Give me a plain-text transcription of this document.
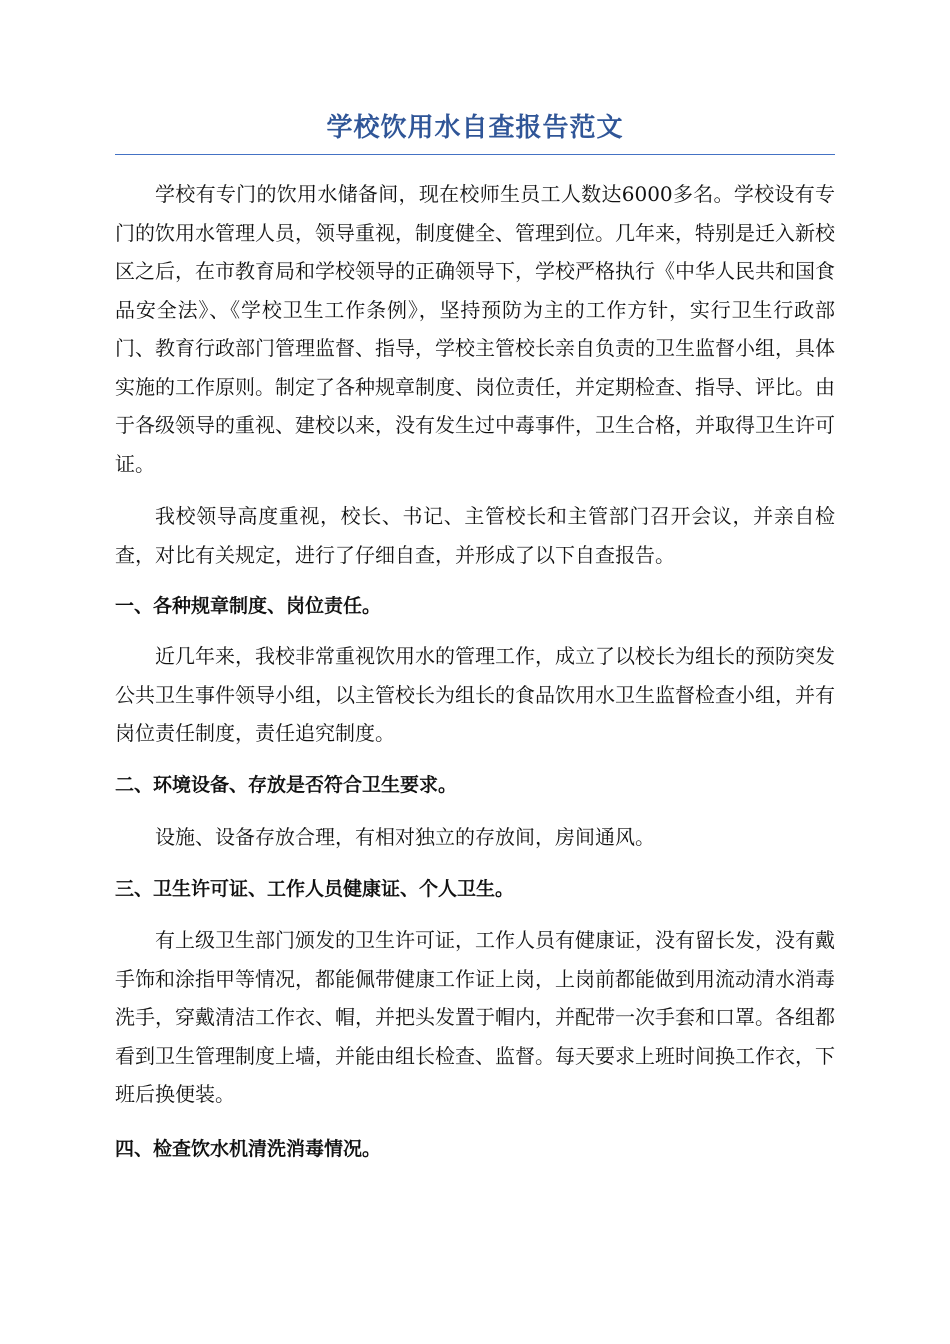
学校饮用水自查报告范文

学校有专门的饮用水储备间，现在校师生员工人数达6000多名。学校设有专门的饮用水管理人员，领导重视，制度健全、管理到位。几年来，特别是迁入新校区之后，在市教育局和学校领导的正确领导下，学校严格执行《中华人民共和国食品安全法》、《学校卫生工作条例》，坚持预防为主的工作方针，实行卫生行政部门、教育行政部门管理监督、指导，学校主管校长亲自负责的卫生监督小组，具体实施的工作原则。制定了各种规章制度、岗位责任，并定期检查、指导、评比。由于各级领导的重视、建校以来，没有发生过中毒事件，卫生合格，并取得卫生许可证。

我校领导高度重视，校长、书记、主管校长和主管部门召开会议，并亲自检查，对比有关规定，进行了仔细自查，并形成了以下自查报告。

一、各种规章制度、岗位责任。

近几年来，我校非常重视饮用水的管理工作，成立了以校长为组长的预防突发公共卫生事件领导小组，以主管校长为组长的食品饮用水卫生监督检查小组，并有岗位责任制度，责任追究制度。

二、环境设备、存放是否符合卫生要求。

设施、设备存放合理，有相对独立的存放间，房间通风。

三、卫生许可证、工作人员健康证、个人卫生。

有上级卫生部门颁发的卫生许可证，工作人员有健康证，没有留长发，没有戴手饰和涂指甲等情况，都能佩带健康工作证上岗，上岗前都能做到用流动清水消毒洗手，穿戴清洁工作衣、帽，并把头发置于帽内，并配带一次手套和口罩。各组都看到卫生管理制度上墙，并能由组长检查、监督。每天要求上班时间换工作衣，下班后换便装。

四、检查饮水机清洗消毒情况。
